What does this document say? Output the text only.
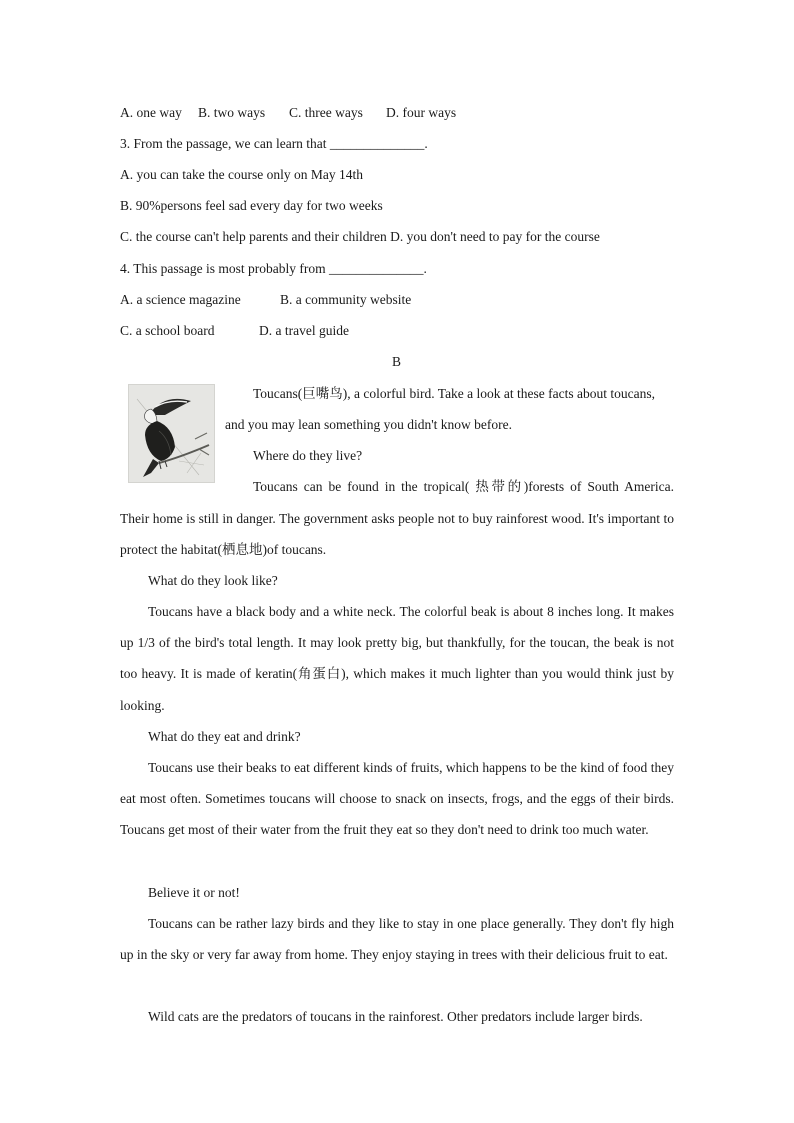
A. one way B. two ways C. three ways D. four ways
3. From the passage, we can learn that ______________.
A. you can take the course only on May 14th
B. 90%persons feel sad every day for two weeks
C. the course can't help parents and their children D. you don't need to pay for the course
4. This passage is most probably from ______________.
A. a science magazine	B. a community website
C. a school board	D. a travel guide
B
Toucans(巨嘴鸟), a colorful bird. Take a look at these facts about toucans,
and you may lean something you didn't know before.
Where do they live?
Toucans can be found in the tropical( 热带的)forests of South America.
Their home is still in danger. The government asks people not to buy rainforest wood. It's important to protect the habitat(栖息地)of toucans.
What do they look like?
Toucans have a black body and a white neck. The colorful beak is about 8 inches long. It makes up 1/3 of the bird's total length. It may look pretty big, but thankfully, for the toucan, the beak is not too heavy. It is made of keratin(角蛋白), which makes it much lighter than you would think just by looking.
What do they eat and drink?
Toucans use their beaks to eat different kinds of fruits, which happens to be the kind of food they eat most often. Sometimes toucans will choose to snack on insects, frogs, and the eggs of their birds. Toucans get most of their water from the fruit they eat so they don't need to drink too much water.
Believe it or not!
Toucans can be rather lazy birds and they like to stay in one place generally. They don't fly high up in the sky or very far away from home. They enjoy staying in trees with their delicious fruit to eat.
Wild cats are the predators of toucans in the rainforest. Other predators include larger birds.
